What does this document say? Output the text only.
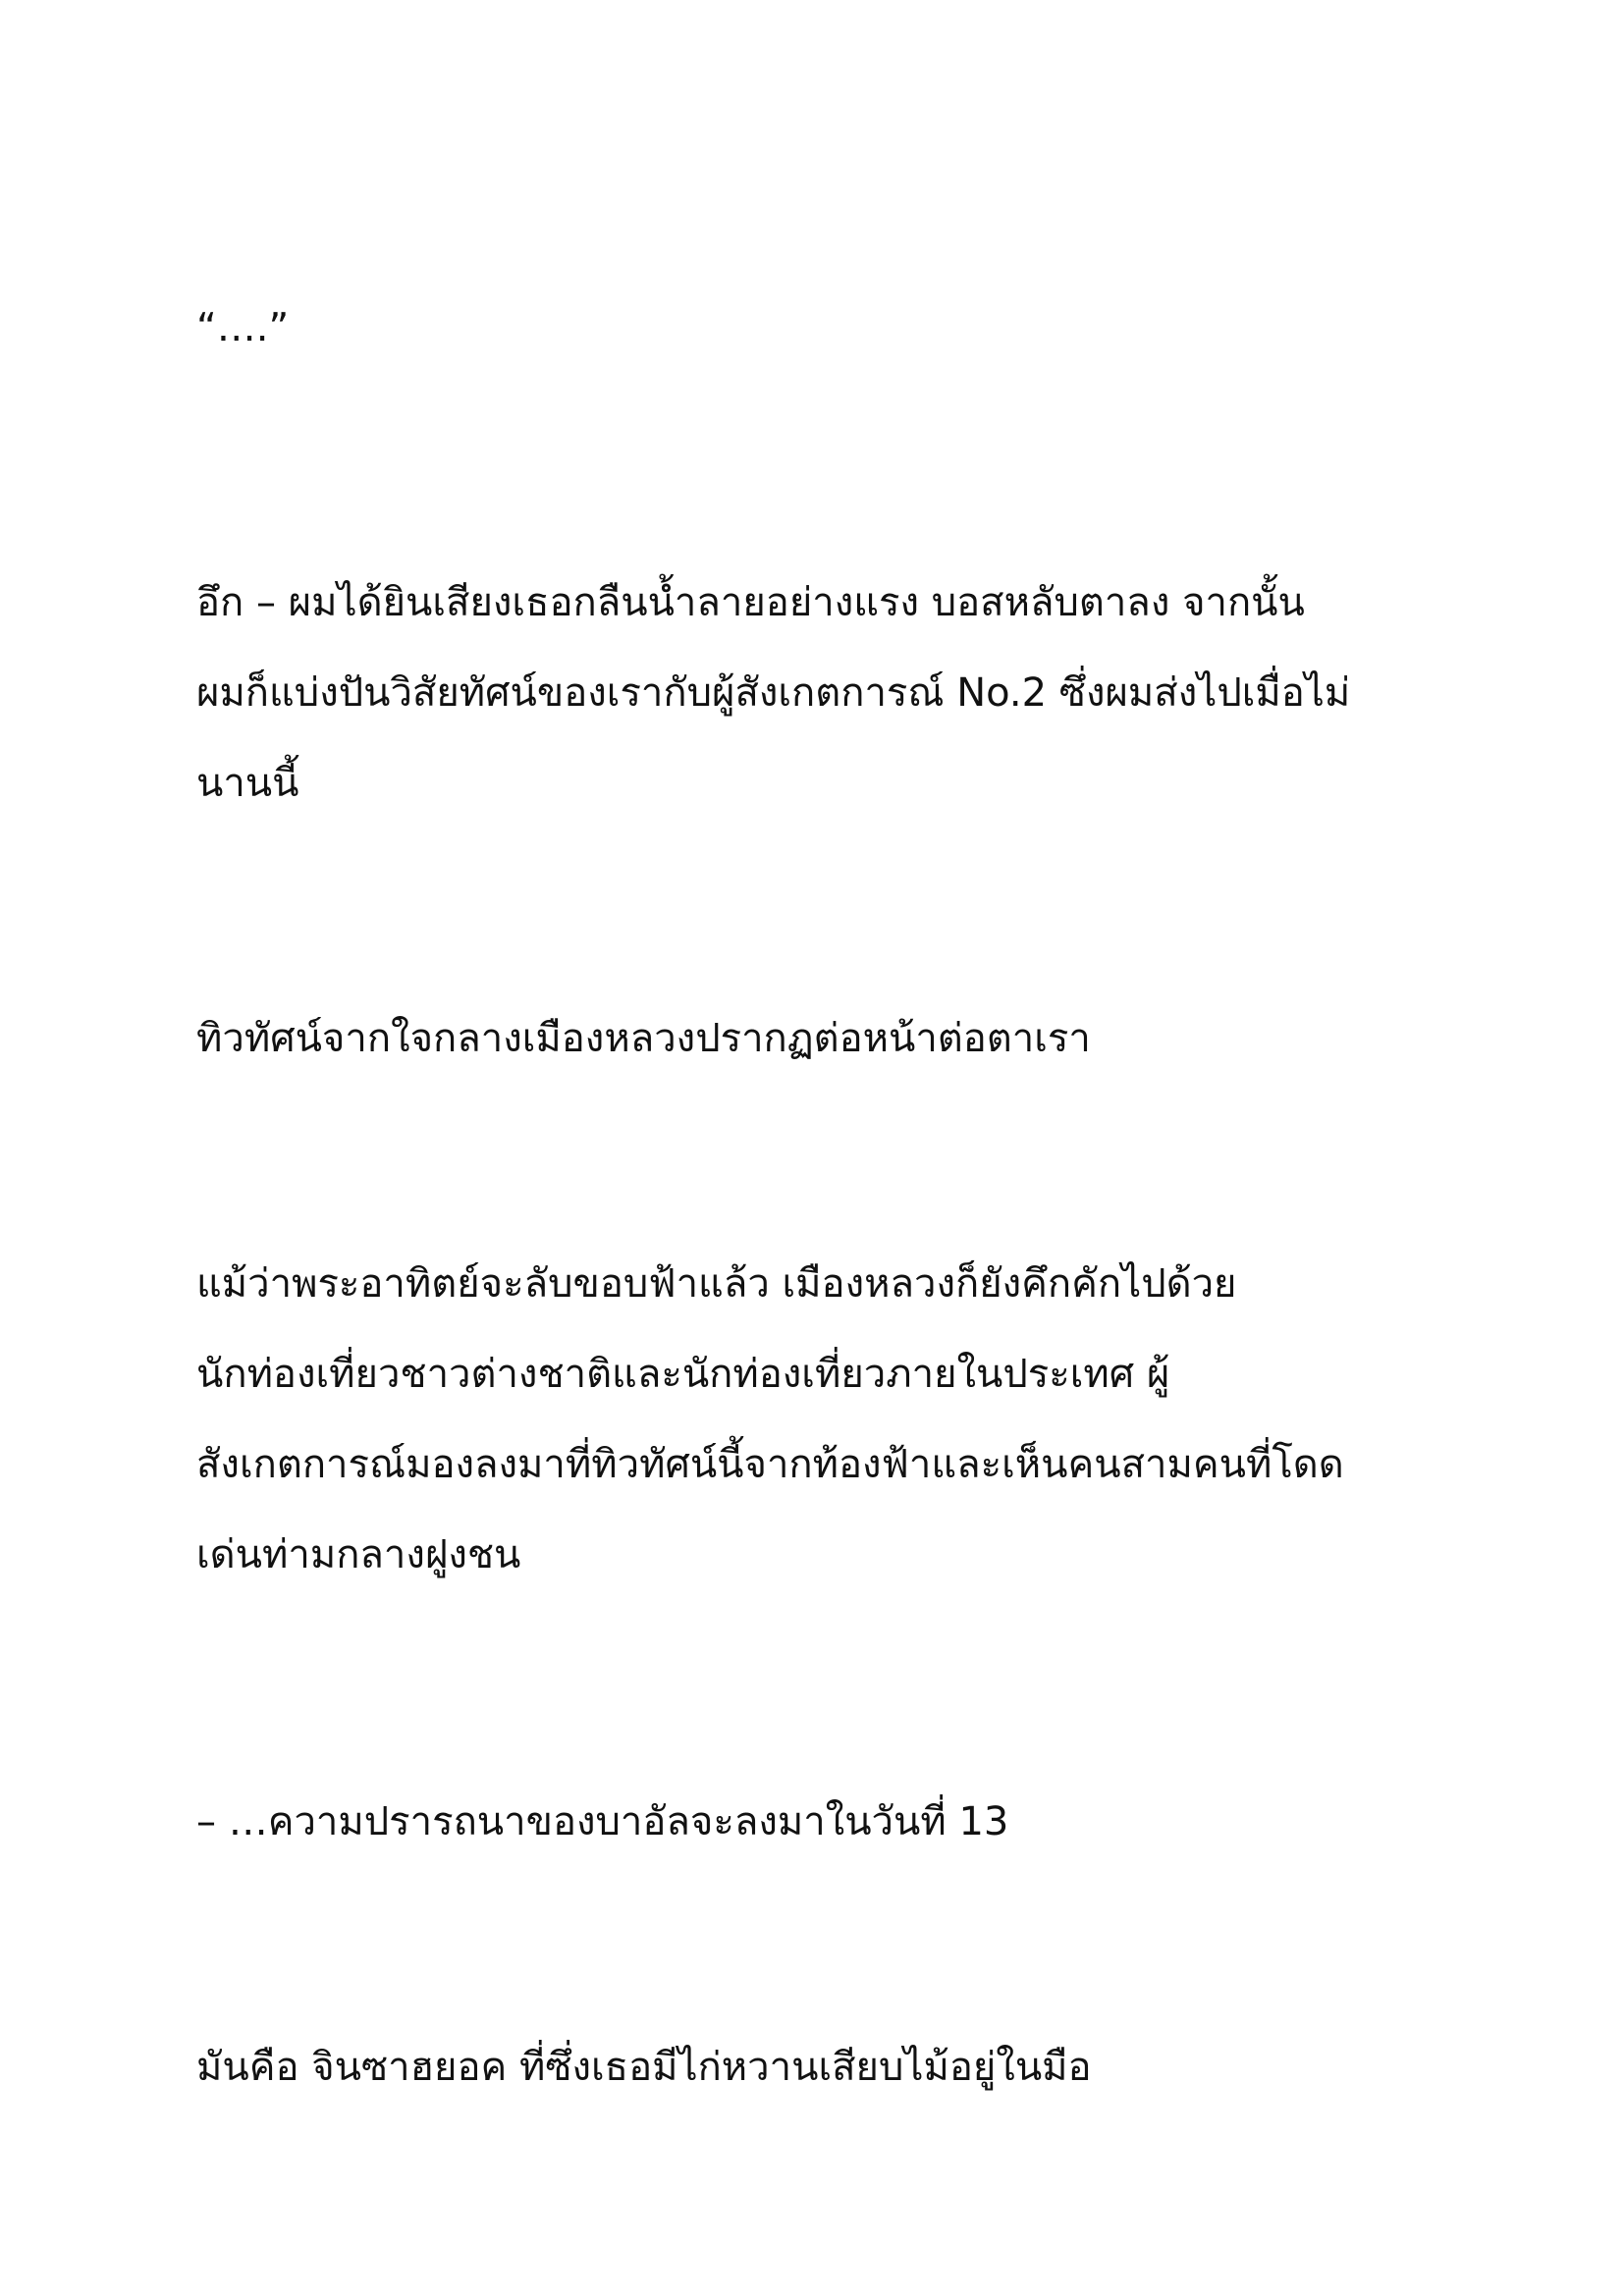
“….”

อึก – ผมได้ยินเสียงเธอกลืนน้ำลายอย่างแรง บอสหลับตาลง จากนั้น
ผมก็แบ่งปันวิสัยทัศน์ของเรากับผู้สังเกตการณ์ No.2 ซึ่งผมส่งไปเมื่อไม่
นานนี้

ทิวทัศน์จากใจกลางเมืองหลวงปรากฏต่อหน้าต่อตาเรา

แม้ว่าพระอาทิตย์จะลับขอบฟ้าแล้ว เมืองหลวงก็ยังคึกคักไปด้วย
นักท่องเที่ยวชาวต่างชาติและนักท่องเที่ยวภายในประเทศ ผู้
สังเกตการณ์มองลงมาที่ทิวทัศน์นี้จากท้องฟ้าและเห็นคนสามคนที่โดด
เด่นท่ามกลางฝูงชน

– …ความปรารถนาของบาอัลจะลงมาในวันที่ 13

มันคือ จินซาฮยอค ที่ซึ่งเธอมีไก่หวานเสียบไม้อยู่ในมือ
